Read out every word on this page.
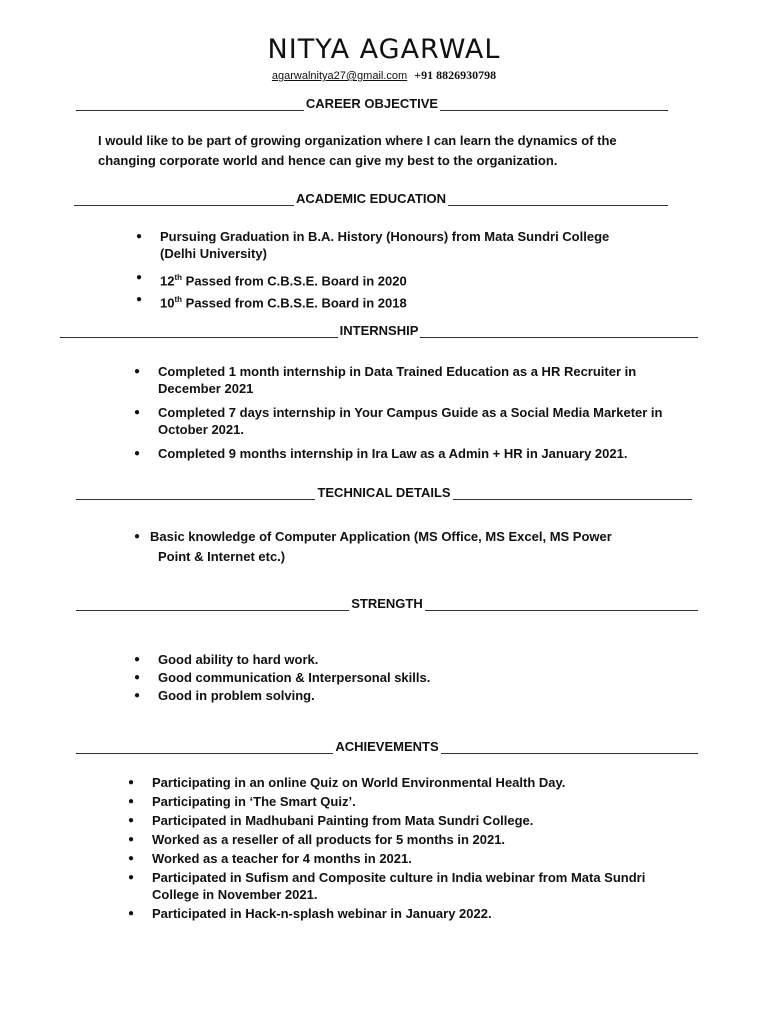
NITYA AGARWAL
agarwalnitya27@gmail.com +91 8826930798
CAREER OBJECTIVE
I would like to be part of growing organization where I can learn the dynamics of the
changing corporate world and hence can give my best to the organization.
ACADEMIC EDUCATION
● Pursuing Graduation in B.A. History (Honours) from Mata Sundri College
(Delhi University)
● 12th Passed from C.B.S.E. Board in 2020
● 10th Passed from C.B.S.E. Board in 2018
INTERNSHIP
● Completed 1 month internship in Data Trained Education as a HR Recruiter in
December 2021
● Completed 7 days internship in Your Campus Guide as a Social Media Marketer in
October 2021.
● Completed 9 months internship in Ira Law as a Admin + HR in January 2021.
TECHNICAL DETAILS
● Basic knowledge of Computer Application (MS Office, MS Excel, MS Power
Point & Internet etc.)
STRENGTH
● Good ability to hard work.
● Good communication & Interpersonal skills.
● Good in problem solving.
ACHIEVEMENTS
● Participating in an online Quiz on World Environmental Health Day.
● Participating in ‘The Smart Quiz’.
● Participated in Madhubani Painting from Mata Sundri College.
● Worked as a reseller of all products for 5 months in 2021.
● Worked as a teacher for 4 months in 2021.
● Participated in Sufism and Composite culture in India webinar from Mata Sundri
College in November 2021.
● Participated in Hack-n-splash webinar in January 2022.
